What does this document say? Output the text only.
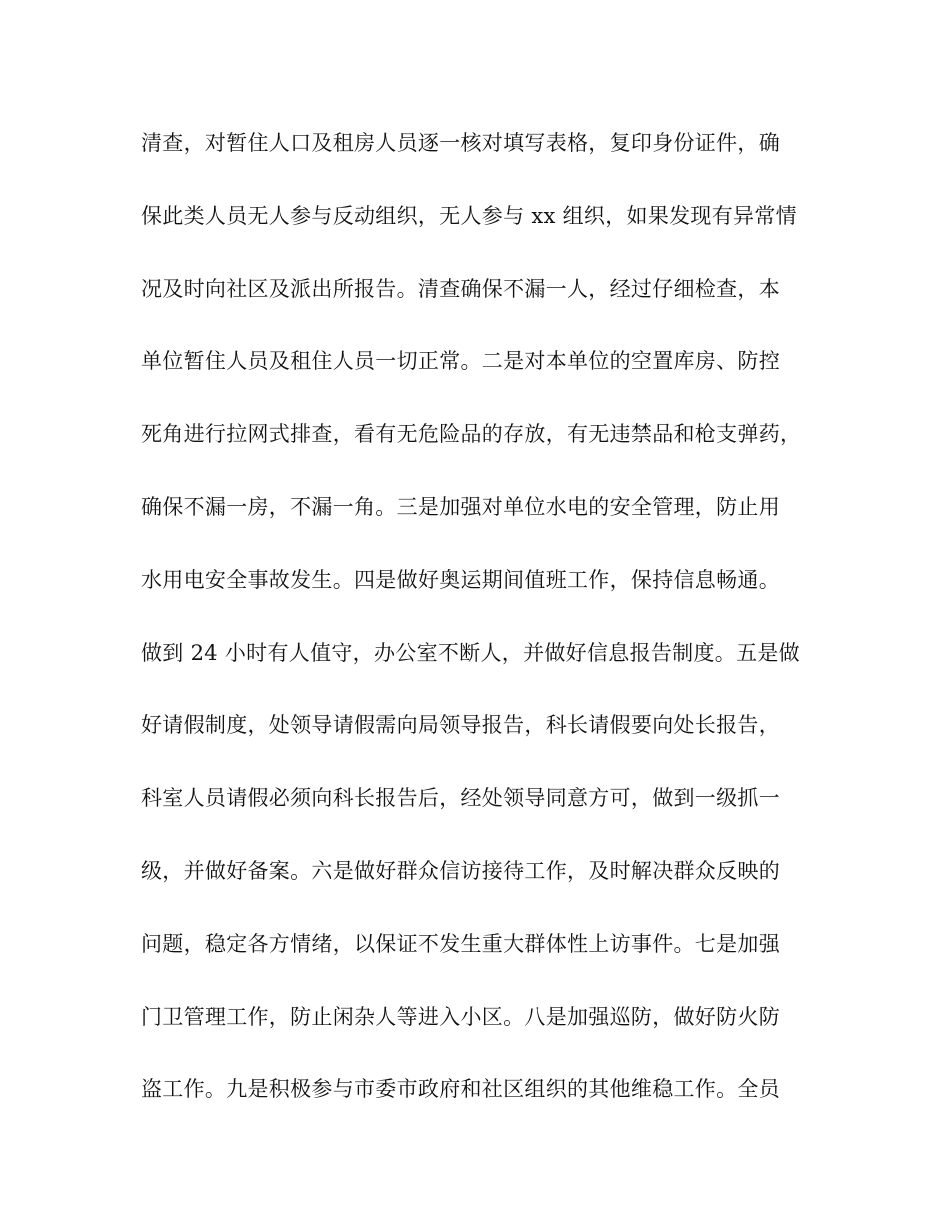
清查，对暂住人口及租房人员逐一核对填写表格，复印身份证件，确
保此类人员无人参与反动组织，无人参与 xx 组织，如果发现有异常情
况及时向社区及派出所报告。清查确保不漏一人，经过仔细检查，本
单位暂住人员及租住人员一切正常。二是对本单位的空置库房、防控
死角进行拉网式排查，看有无危险品的存放，有无违禁品和枪支弹药，
确保不漏一房，不漏一角。三是加强对单位水电的安全管理，防止用
水用电安全事故发生。四是做好奥运期间值班工作，保持信息畅通。
做到 24 小时有人值守，办公室不断人，并做好信息报告制度。五是做
好请假制度，处领导请假需向局领导报告，科长请假要向处长报告，
科室人员请假必须向科长报告后，经处领导同意方可，做到一级抓一
级，并做好备案。六是做好群众信访接待工作，及时解决群众反映的
问题，稳定各方情绪，以保证不发生重大群体性上访事件。七是加强
门卫管理工作，防止闲杂人等进入小区。八是加强巡防，做好防火防
盗工作。九是积极参与市委市政府和社区组织的其他维稳工作。全员
